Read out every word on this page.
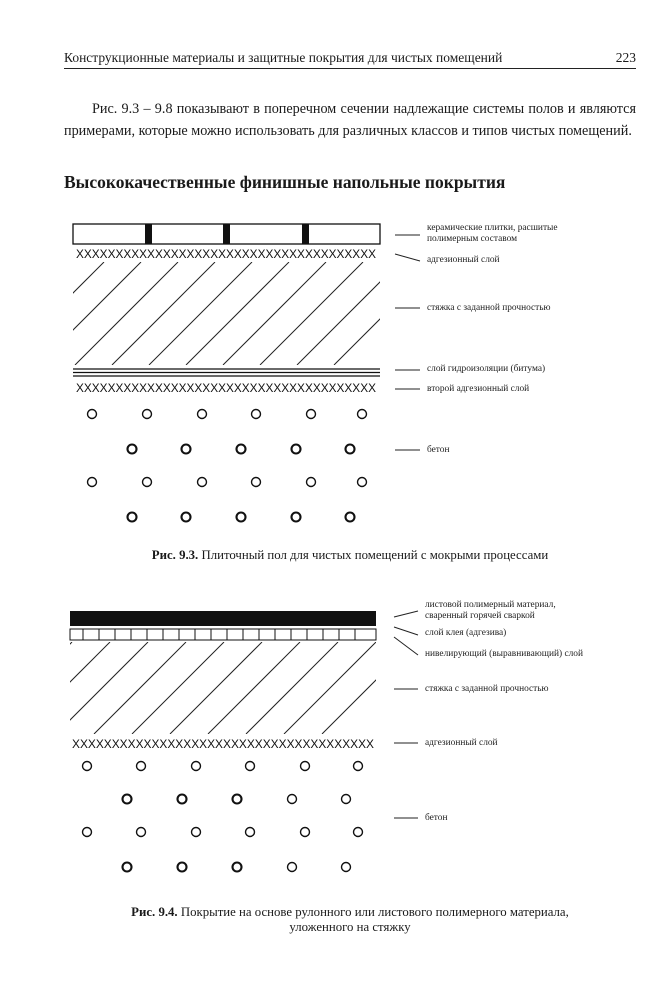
Конструкционные материалы и защитные покрытия для чистых помещений	223

Рис. 9.3 – 9.8 показывают в поперечном сечении надлежащие системы полов и являются примерами, которые можно использовать для различных классов и типов чистых помещений.

Высококачественные финишные напольные покрытия
XXXXXXXXXXXXXXXXXXXXXXXXXXXXXXXXXXXXXX
XXXXXXXXXXXXXXXXXXXXXXXXXXXXXXXXXXXXXX
XXXXXXXXXXXXXXXXXXXXXXXXXXXXXXXXXXXXXX
керамические плитки, расшитые
полимерным составом
адгезионный слой
стяжка с заданной прочностью
слой гидроизоляции (битума)
второй адгезионный слой
бетон
Рис. 9.3. Плиточный пол для чистых помещений с мокрыми процессами
листовой полимерный материал,
сваренный горячей сваркой
слой клея (адгезива)
нивелирующий (выравнивающий) слой
стяжка с заданной прочностью
адгезионный слой
бетон
Рис. 9.4. Покрытие на основе рулонного или листового полимерного материала,
уложенного на стяжку
